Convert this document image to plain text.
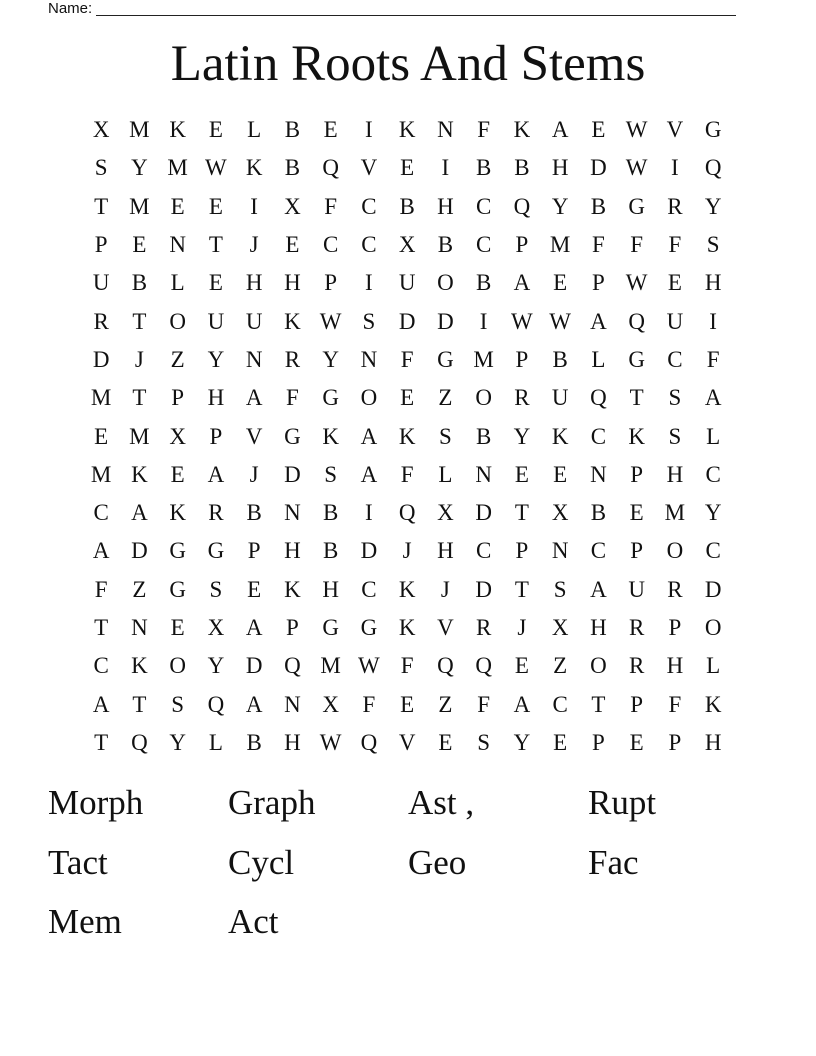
Name:
Latin Roots And Stems
X M K E	L	B	E	I	K N	F	K A E W V G
S	Y M W K B Q V E	I	B B H D W	I	Q
T M E	E	I	X	F	C B H C Q Y B G R Y
P	E N T	J	E	C C X B C	P M F	F	F	S
U B	L	E H H	P	I	U O B A E	P W E H
R	T O U U K W S	D D	I	W W A Q U	I
D	J	Z Y N R Y N	F	G M P	B	L G C	F
M T	P	H A	F	G O E	Z O R U Q T	S	A
E M X	P	V G K A K	S	B Y K C K	S	L
M K E A	J	D	S	A	F	L N E	E N	P	H C
C A K R B N B	I	Q X D T X B	E M Y
A D G G	P	H B D	J	H C	P	N C	P	O C
F	Z G	S	E K H C K	J	D T	S	A U R D
T N E X A	P	G G K V R	J	X H R	P	O
C K O Y D Q M W F	Q Q E	Z O R H L
A T	S	Q A N X	F	E	Z	F	A C	T	P	F	K
T Q Y L	B H W Q V E	S	Y E	P	E	P	H
Morph	Graph	Ast ,	Rupt
Tact	Cycl	Geo	Fac
Mem	Act
